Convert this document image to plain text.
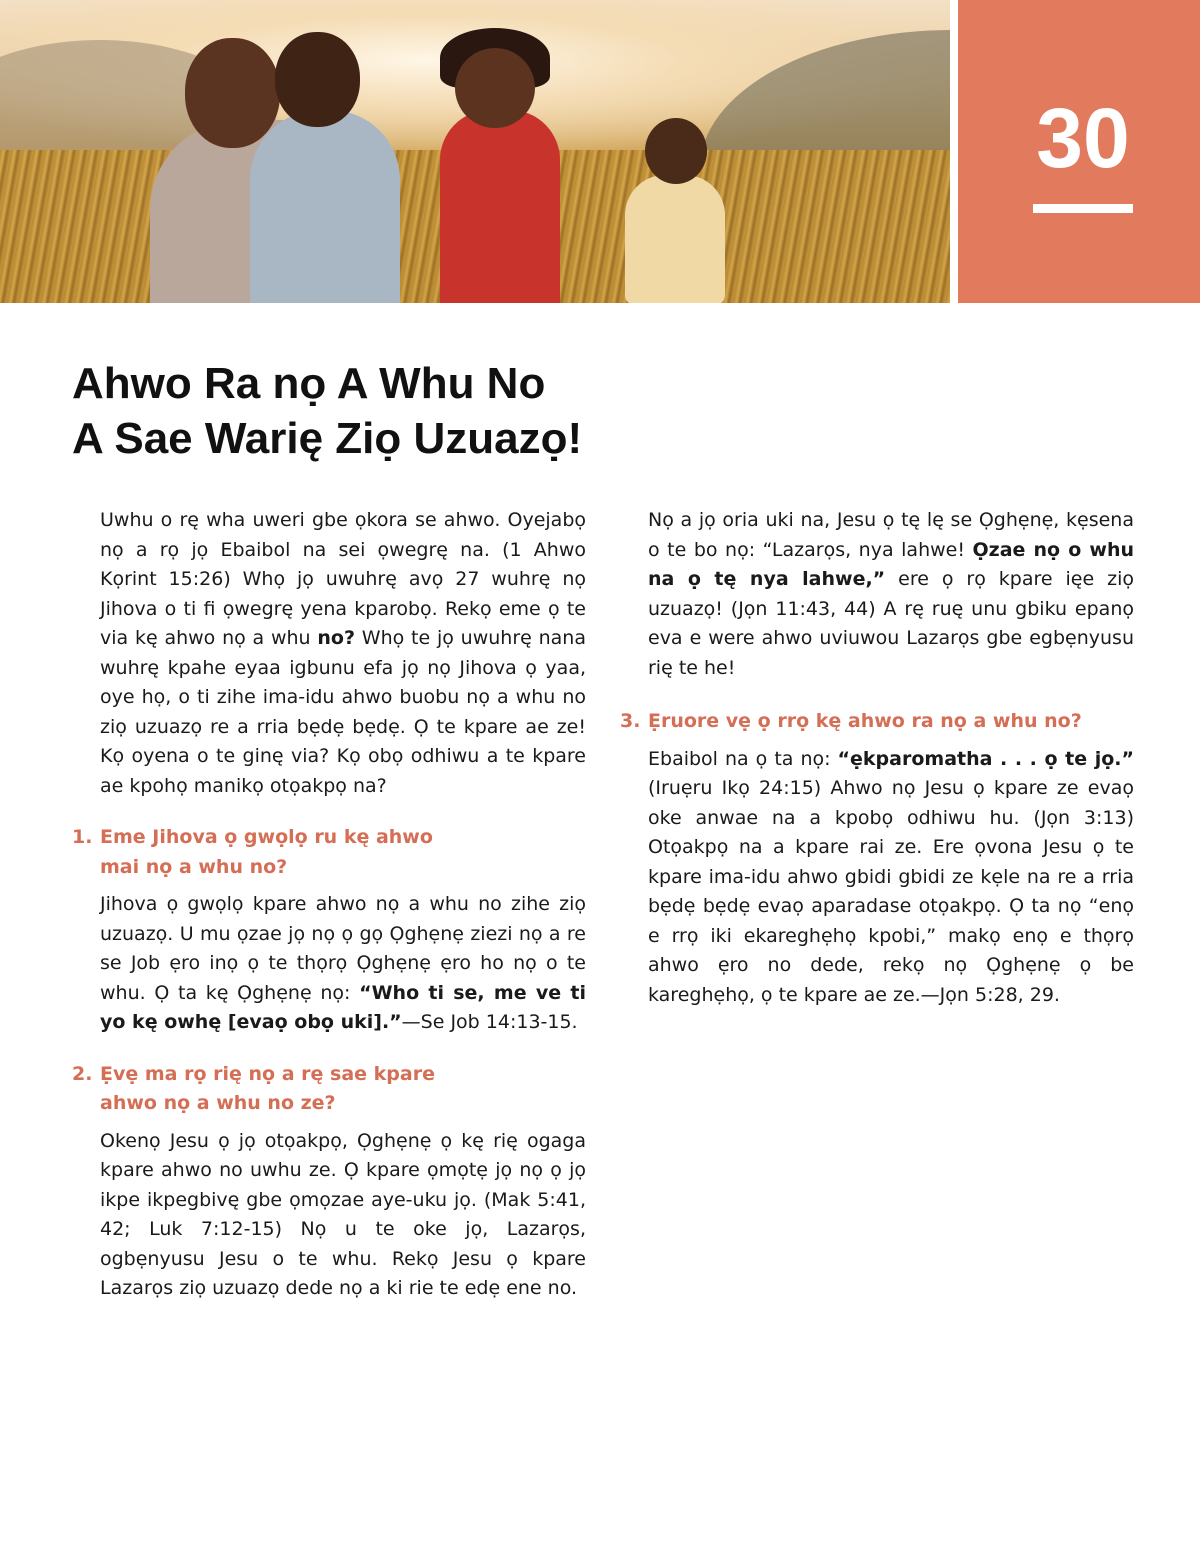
30
Ahwo Ra nọ A Whu No
A Sae Warię Ziọ Uzuazọ!

Uwhu o rę wha uweri gbe ọkora se ahwo. Oyejabọ nọ a rọ jọ Ebaibol na sei ọwegrę na. (1 Ahwo Kọrint 15:26) Whọ jọ uwuhrę avọ 27 wuhrę nọ Jihova o ti fi ọwegrę yena kparobọ. Rekọ eme ọ te via kę ahwo nọ a whu no? Whọ te jọ uwuhrę nana wuhrę kpahe eyaa igbunu efa jọ nọ Jihova ọ yaa, oye họ, o ti zihe ima-idu ahwo buobu nọ a whu no ziọ uzuazọ re a rria bẹdẹ bẹdẹ. Ọ te kpare ae ze! Kọ oyena o te ginę via? Kọ obọ odhiwu a te kpare ae kpohọ manikọ otọakpọ na?

1. Eme Jihova ọ gwọlọ ru kę ahwo
mai nọ a whu no?

Jihova ọ gwọlọ kpare ahwo nọ a whu no zihe ziọ uzuazọ. U mu ọzae jọ nọ ọ gọ Ọghẹnẹ ziezi nọ a re se Job ẹro inọ ọ te thọrọ Ọghẹnẹ ẹro ho nọ o te whu. Ọ ta kę Ọghẹnẹ nọ: “Who ti se, me ve ti yo kę owhę [evaọ obọ uki].”—Se Job 14:13-15.

2. Ẹvẹ ma rọ rię nọ a rę sae kpare
ahwo nọ a whu no ze?

Okenọ Jesu ọ jọ otọakpọ, Ọghẹnẹ ọ kę rię ogaga kpare ahwo no uwhu ze. Ọ kpare ọmọtẹ jọ nọ ọ jọ ikpe ikpegbivę gbe ọmọzae aye-uku jọ. (Mak 5:41, 42; Luk 7:12-15) Nọ u te oke jọ, Lazarọs, ogbẹnyusu Jesu o te whu. Rekọ Jesu ọ kpare Lazarọs ziọ uzuazọ dede nọ a ki rie te edẹ ene no.

Nọ a jọ oria uki na, Jesu ọ tę lę se Ọghẹnẹ, kẹsena o te bo nọ: “Lazarọs, nya lahwe! Ọzae nọ o whu na ọ tę nya lahwe,” ere ọ rọ kpare ięe ziọ uzuazọ! (Jọn 11:43, 44) A rę ruę unu gbiku epanọ eva e were ahwo uviuwou Lazarọs gbe egbẹnyusu rię te he!

3. Ẹruore vẹ ọ rrọ kę ahwo ra nọ a whu no?

Ebaibol na ọ ta nọ: “ẹkparomatha . . . ọ te jọ.” (Iruẹru Ikọ 24:15) Ahwo nọ Jesu ọ kpare ze evaọ oke anwae na a kpobọ odhiwu hu. (Jọn 3:13) Otọakpọ na a kpare rai ze. Ere ọvona Jesu ọ te kpare ima-idu ahwo gbidi gbidi ze kẹle na re a rria bẹdẹ bẹdẹ evaọ aparadase otọakpọ. Ọ ta nọ “enọ e rrọ iki ekareghẹhọ kpobi,” makọ enọ e thọrọ ahwo ẹro no dede, rekọ nọ Ọghẹnẹ ọ be kareghẹhọ, ọ te kpare ae ze.—Jọn 5:28, 29.
